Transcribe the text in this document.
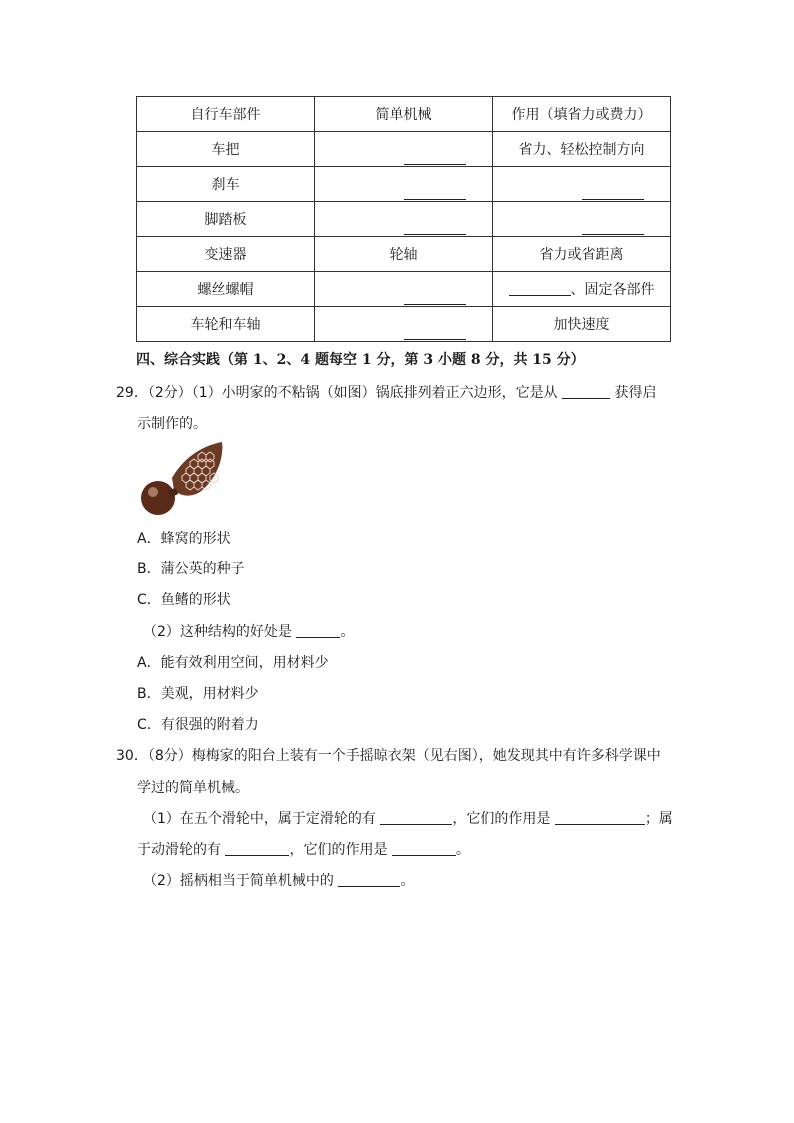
自行车部件	简单机械	作用（填省力或费力）
车把		省力、轻松控制方向
刹车	

脚踏板	

变速器	轮轴	省力或省距离
螺丝螺帽		、固定各部件
车轮和车轴		加快速度
四、综合实践（第 1、2、4 题每空 1 分，第 3 小题 8 分，共 15 分）
29．（2分）（1）小明家的不粘锅（如图）锅底排列着正六边形，它是从	获得启
示制作的。
A．蜂窝的形状
B．蒲公英的种子
C．鱼鳍的形状
（2）这种结构的好处是	。
A．能有效利用空间，用材料少
B．美观，用材料少
C．有很强的附着力
30．（8分）梅梅家的阳台上装有一个手摇晾衣架（见右图），她发现其中有许多科学课中
学过的简单机械。
（1）在五个滑轮中，属于定滑轮的有	，它们的作用是	；属
于动滑轮的有	，它们的作用是	。
（2）摇柄相当于简单机械中的	。
